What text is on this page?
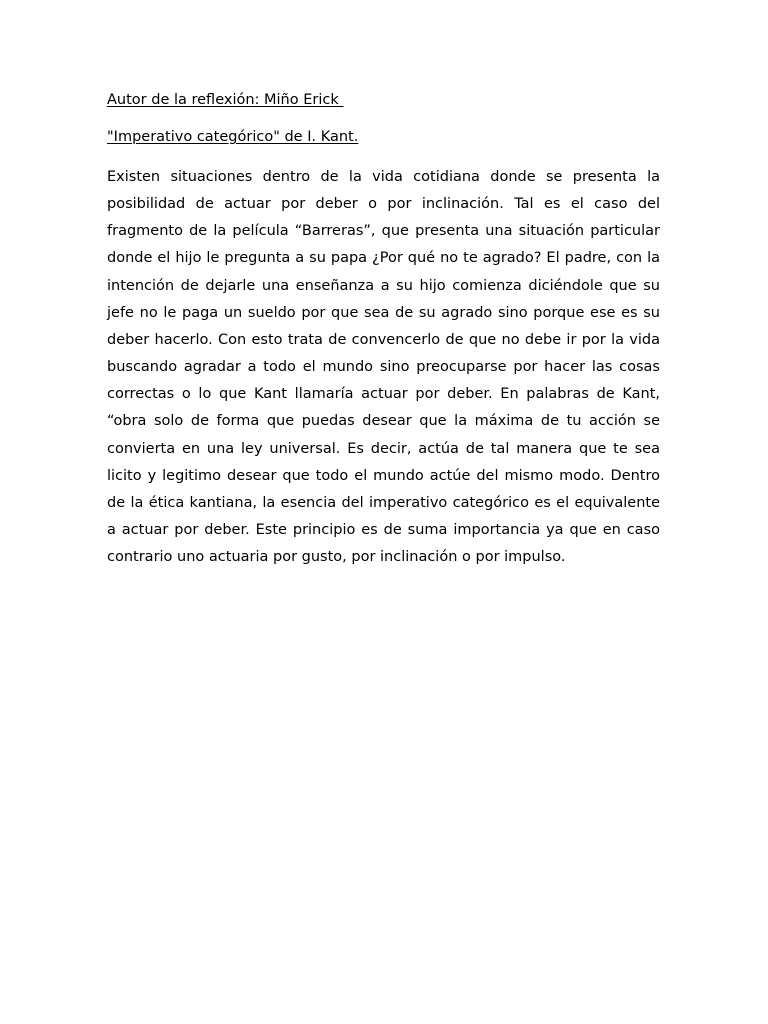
Autor de la reflexión: Miño Erick

"Imperativo categórico" de I. Kant.

Existen situaciones dentro de la vida cotidiana donde se presenta la posibilidad de actuar por deber o por inclinación. Tal es el caso del fragmento de la película “Barreras”, que presenta una situación particular donde el hijo le pregunta a su papa ¿Por qué no te agrado? El padre, con la intención de dejarle una enseñanza a su hijo comienza diciéndole que su jefe no le paga un sueldo por que sea de su agrado sino porque ese es su deber hacerlo. Con esto trata de convencerlo de que no debe ir por la vida buscando agradar a todo el mundo sino preocuparse por hacer las cosas correctas o lo que Kant llamaría actuar por deber. En palabras de Kant, “obra solo de forma que puedas desear que la máxima de tu acción se convierta en una ley universal. Es decir, actúa de tal manera que te sea licito y legitimo desear que todo el mundo actúe del mismo modo. Dentro de la ética kantiana, la esencia del imperativo categórico es el equivalente a actuar por deber. Este principio es de suma importancia ya que en caso contrario uno actuaria por gusto, por inclinación o por impulso.
